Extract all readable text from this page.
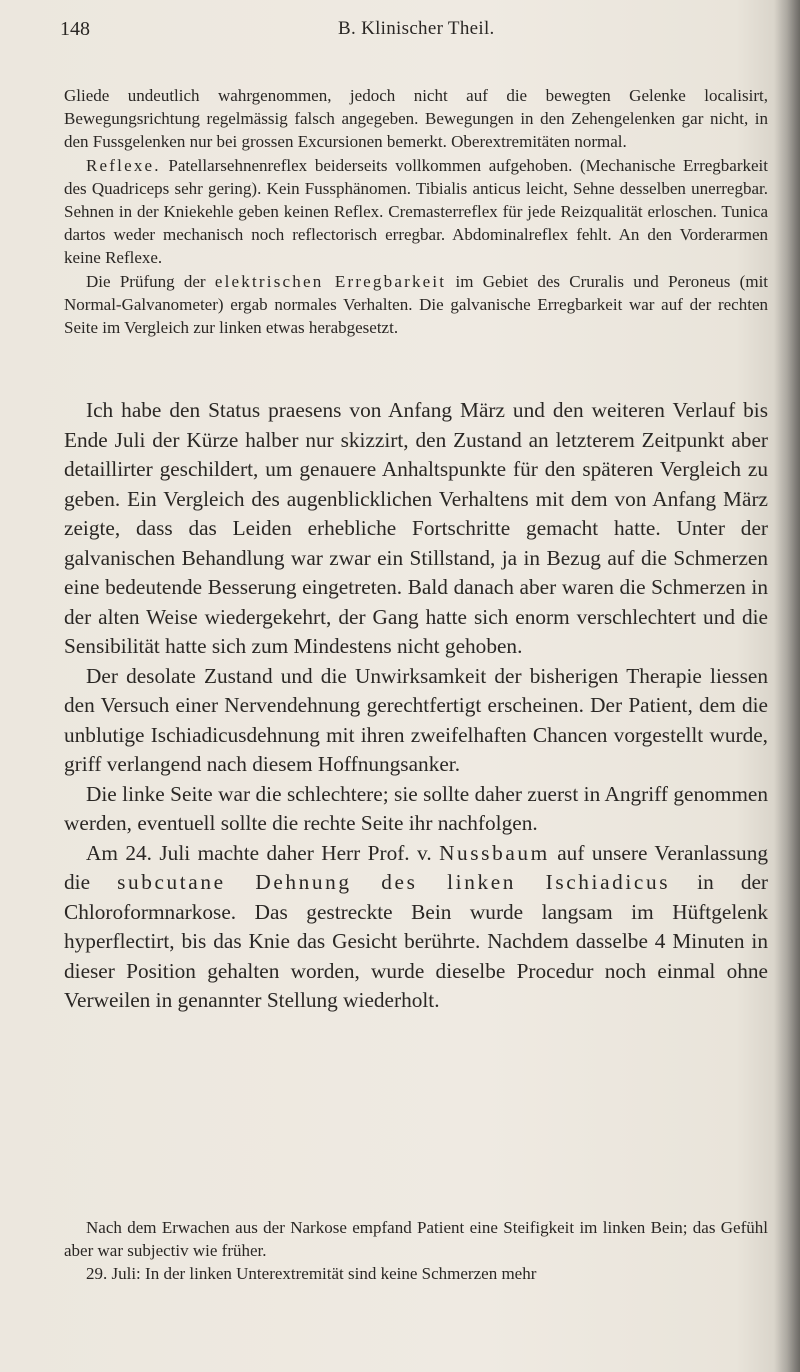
148	B. Klinischer Theil.

Gliede undeutlich wahrgenommen, jedoch nicht auf die bewegten Gelenke localisirt, Bewegungsrichtung regelmässig falsch angegeben. Bewegungen in den Zehengelenken gar nicht, in den Fussgelenken nur bei grossen Excursionen bemerkt. Oberextremitäten normal.

Reflexe. Patellarsehnenreflex beiderseits vollkommen aufgehoben. (Mechanische Erregbarkeit des Quadriceps sehr gering). Kein Fussphänomen. Tibialis anticus leicht, Sehne desselben unerregbar. Sehnen in der Kniekehle geben keinen Reflex. Cremasterreflex für jede Reizqualität erloschen. Tunica dartos weder mechanisch noch reflectorisch erregbar. Abdominalreflex fehlt. An den Vorderarmen keine Reflexe.

Die Prüfung der elektrischen Erregbarkeit im Gebiet des Cruralis und Peroneus (mit Normal-Galvanometer) ergab normales Verhalten. Die galvanische Erregbarkeit war auf der rechten Seite im Vergleich zur linken etwas herabgesetzt.

Ich habe den Status praesens von Anfang März und den weiteren Verlauf bis Ende Juli der Kürze halber nur skizzirt, den Zustand an letzterem Zeitpunkt aber detaillirter geschildert, um genauere Anhaltspunkte für den späteren Vergleich zu geben. Ein Vergleich des augenblicklichen Verhaltens mit dem von Anfang März zeigte, dass das Leiden erhebliche Fortschritte gemacht hatte. Unter der galvanischen Behandlung war zwar ein Stillstand, ja in Bezug auf die Schmerzen eine bedeutende Besserung eingetreten. Bald danach aber waren die Schmerzen in der alten Weise wiedergekehrt, der Gang hatte sich enorm verschlechtert und die Sensibilität hatte sich zum Mindestens nicht gehoben.

Der desolate Zustand und die Unwirksamkeit der bisherigen Therapie liessen den Versuch einer Nervendehnung gerechtfertigt erscheinen. Der Patient, dem die unblutige Ischiadicusdehnung mit ihren zweifelhaften Chancen vorgestellt wurde, griff verlangend nach diesem Hoffnungsanker.

Die linke Seite war die schlechtere; sie sollte daher zuerst in Angriff genommen werden, eventuell sollte die rechte Seite ihr nachfolgen.

Am 24. Juli machte daher Herr Prof. v. Nussbaum auf unsere Veranlassung die subcutane Dehnung des linken Ischiadicus in der Chloroformnarkose. Das gestreckte Bein wurde langsam im Hüftgelenk hyperflectirt, bis das Knie das Gesicht berührte. Nachdem dasselbe 4 Minuten in dieser Position gehalten worden, wurde dieselbe Procedur noch einmal ohne Verweilen in genannter Stellung wiederholt.

Nach dem Erwachen aus der Narkose empfand Patient eine Steifigkeit im linken Bein; das Gefühl aber war subjectiv wie früher.

29. Juli: In der linken Unterextremität sind keine Schmerzen mehr
